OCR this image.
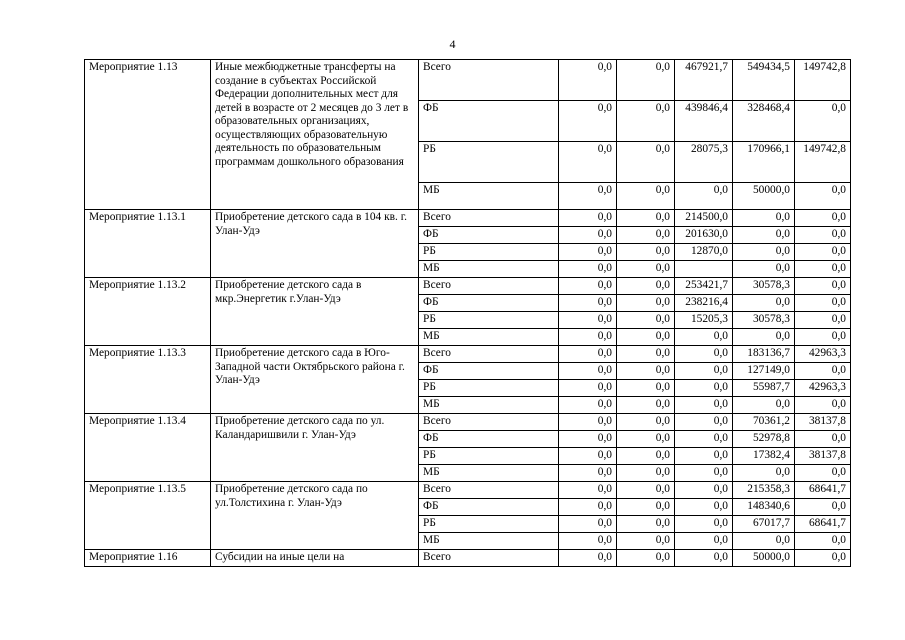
4
Мероприятие 1.13	Иные межбюджетные трансферты на создание в субъектах Российской Федерации дополнительных мест для детей в возрасте от 2 месяцев до 3 лет в образовательных организациях, осуществляющих образовательную деятельность по образовательным программам дошкольного образования	Всего	0,0	0,0	467921,7	549434,5	149742,8
		ФБ	0,0	0,0	439846,4	328468,4	0,0
		РБ	0,0	0,0	28075,3	170966,1	149742,8
		МБ	0,0	0,0	0,0	50000,0	0,0
Мероприятие 1.13.1	Приобретение детского сада в 104 кв. г. Улан-Удэ	Всего	0,0	0,0	214500,0	0,0	0,0
		ФБ	0,0	0,0	201630,0	0,0	0,0
		РБ	0,0	0,0	12870,0	0,0	0,0
		МБ	0,0	0,0		0,0	0,0
Мероприятие 1.13.2	Приобретение детского сада в мкр.Энергетик г.Улан-Удэ	Всего	0,0	0,0	253421,7	30578,3	0,0
		ФБ	0,0	0,0	238216,4	0,0	0,0
		РБ	0,0	0,0	15205,3	30578,3	0,0
		МБ	0,0	0,0	0,0	0,0	0,0
Мероприятие 1.13.3	Приобретение детского сада в Юго-Западной части Октябрьского района г. Улан-Удэ	Всего	0,0	0,0	0,0	183136,7	42963,3
		ФБ	0,0	0,0	0,0	127149,0	0,0
		РБ	0,0	0,0	0,0	55987,7	42963,3
		МБ	0,0	0,0	0,0	0,0	0,0
Мероприятие 1.13.4	Приобретение детского сада по ул. Каландаришвили г. Улан-Удэ	Всего	0,0	0,0	0,0	70361,2	38137,8
		ФБ	0,0	0,0	0,0	52978,8	0,0
		РБ	0,0	0,0	0,0	17382,4	38137,8
		МБ	0,0	0,0	0,0	0,0	0,0
Мероприятие 1.13.5	Приобретение детского сада по ул.Толстихина г. Улан-Удэ	Всего	0,0	0,0	0,0	215358,3	68641,7
		ФБ	0,0	0,0	0,0	148340,6	0,0
		РБ	0,0	0,0	0,0	67017,7	68641,7
		МБ	0,0	0,0	0,0	0,0	0,0
Мероприятие 1.16	Субсидии на иные цели на	Всего	0,0	0,0	0,0	50000,0	0,0
